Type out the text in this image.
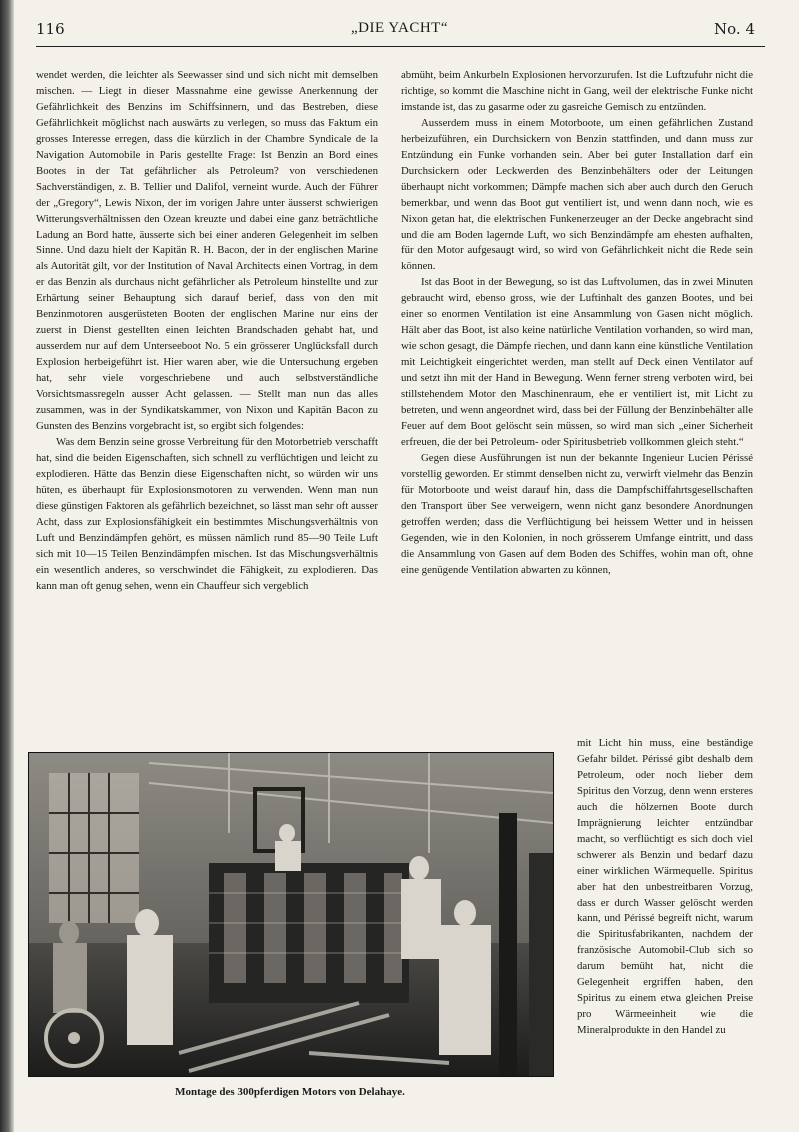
116	„DIE YACHT“	No. 4

wendet werden, die leichter als Seewasser sind und sich nicht mit demselben mischen. — Liegt in dieser Massnahme eine gewisse Anerkennung der Gefährlichkeit des Benzins im Schiffsinnern, und das Bestreben, diese Gefährlichkeit möglichst nach auswärts zu verlegen, so muss das Faktum ein grosses Interesse erregen, dass die kürzlich in der Chambre Syndicale de la Navigation Automobile in Paris gestellte Frage: Ist Benzin an Bord eines Bootes in der Tat gefährlicher als Petroleum? von verschiedenen Sachverständigen, z. B. Tellier und Dalifol, verneint wurde. Auch der Führer der „Gregory“, Lewis Nixon, der im vorigen Jahre unter äusserst schwierigen Witterungsverhältnissen den Ozean kreuzte und dabei eine ganz beträchtliche Ladung an Bord hatte, äusserte sich bei einer anderen Gelegenheit im selben Sinne. Und dazu hielt der Kapitän R. H. Bacon, der in der englischen Marine als Autorität gilt, vor der Institution of Naval Architects einen Vortrag, in dem er das Benzin als durchaus nicht gefährlicher als Petroleum hinstellte und zur Erhärtung seiner Behauptung sich darauf berief, dass von den mit Benzinmotoren ausgerüsteten Booten der englischen Marine nur eins der zuerst in Dienst gestellten einen leichten Brandschaden gehabt hat, und ausserdem nur auf dem Unterseeboot No. 5 ein grösserer Unglücksfall durch Explosion herbeigeführt ist. Hier waren aber, wie die Untersuchung ergeben hat, sehr viele vorgeschriebene und auch selbstverständliche Vorsichtsmassregeln ausser Acht gelassen. — Stellt man nun das alles zusammen, was in der Syndikatskammer, von Nixon und Kapitän Bacon zu Gunsten des Benzins vorgebracht ist, so ergibt sich folgendes:

Was dem Benzin seine grosse Verbreitung für den Motorbetrieb verschafft hat, sind die beiden Eigenschaften, sich schnell zu verflüchtigen und leicht zu explodieren. Hätte das Benzin diese Eigenschaften nicht, so würden wir uns hüten, es überhaupt für Explosionsmotoren zu verwenden. Wenn man nun diese günstigen Faktoren als gefährlich bezeichnet, so lässt man sehr oft ausser Acht, dass zur Explosionsfähigkeit ein bestimmtes Mischungsverhältnis von Luft und Benzindämpfen gehört, es müssen nämlich rund 85—90 Teile Luft sich mit 10—15 Teilen Benzindämpfen mischen. Ist das Mischungsverhältnis ein wesentlich anderes, so verschwindet die Fähigkeit, zu explodieren. Das kann man oft genug sehen, wenn ein Chauffeur sich vergeblich

abmüht, beim Ankurbeln Explosionen hervorzurufen. Ist die Luftzufuhr nicht die richtige, so kommt die Maschine nicht in Gang, weil der elektrische Funke nicht imstande ist, das zu gasarme oder zu gasreiche Gemisch zu entzünden.

Ausserdem muss in einem Motorboote, um einen gefährlichen Zustand herbeizuführen, ein Durchsickern von Benzin stattfinden, und dann muss zur Entzündung ein Funke vorhanden sein. Aber bei guter Installation darf ein Durchsickern oder Leckwerden des Benzinbehälters oder der Leitungen überhaupt nicht vorkommen; Dämpfe machen sich aber auch durch den Geruch bemerkbar, und wenn das Boot gut ventiliert ist, und wenn dann noch, wie es Nixon getan hat, die elektrischen Funkenerzeuger an der Decke angebracht sind und die am Boden lagernde Luft, wo sich Benzindämpfe am ehesten aufhalten, für den Motor aufgesaugt wird, so wird von Gefährlichkeit nicht die Rede sein können.

Ist das Boot in der Bewegung, so ist das Luftvolumen, das in zwei Minuten gebraucht wird, ebenso gross, wie der Luftinhalt des ganzen Bootes, und bei einer so enormen Ventilation ist eine Ansammlung von Gasen nicht möglich. Hält aber das Boot, ist also keine natürliche Ventilation vorhanden, so wird man, wie schon gesagt, die Dämpfe riechen, und dann kann eine künstliche Ventilation mit Leichtigkeit eingerichtet werden, man stellt auf Deck einen Ventilator auf und setzt ihn mit der Hand in Bewegung. Wenn ferner streng verboten wird, bei stillstehendem Motor den Maschinenraum, ehe er ventiliert ist, mit Licht zu betreten, und wenn angeordnet wird, dass bei der Füllung der Benzinbehälter alle Feuer auf dem Boot gelöscht sein müssen, so wird man sich „einer Sicherheit erfreuen, die der bei Petroleum- oder Spiritusbetrieb vollkommen gleich steht.“

Gegen diese Ausführungen ist nun der bekannte Ingenieur Lucien Périssé vorstellig geworden. Er stimmt denselben nicht zu, verwirft vielmehr das Benzin für Motorboote und weist darauf hin, dass die Dampfschiffahrtsgesellschaften den Transport über See verweigern, wenn nicht ganz besondere Anordnungen getroffen werden; dass die Verflüchtigung bei heissem Wetter und in heissen Gegenden, wie in den Kolonien, in noch grösserem Umfange eintritt, und dass die Ansammlung von Gasen auf dem Boden des Schiffes, wohin man oft, ohne eine genügende Ventilation abwarten zu können,

mit Licht hin muss, eine beständige Gefahr bildet. Périssé gibt deshalb dem Petroleum, oder noch lieber dem Spiritus den Vorzug, denn wenn ersteres auch die hölzernen Boote durch Imprägnierung leichter entzündbar macht, so verflüchtigt es sich doch viel schwerer als Benzin und bedarf dazu einer wirklichen Wärmequelle. Spiritus aber hat den unbestreitbaren Vorzug, dass er durch Wasser gelöscht werden kann, und Périssé begreift nicht, warum die Spiritusfabrikanten, nachdem der französische Automobil-Club sich so darum bemüht hat, nicht die Gelegenheit ergriffen haben, den Spiritus zu einem etwa gleichen Preise pro Wärmeeinheit wie die Mineralprodukte in den Handel zu

Montage des 300pferdigen Motors von Delahaye.
